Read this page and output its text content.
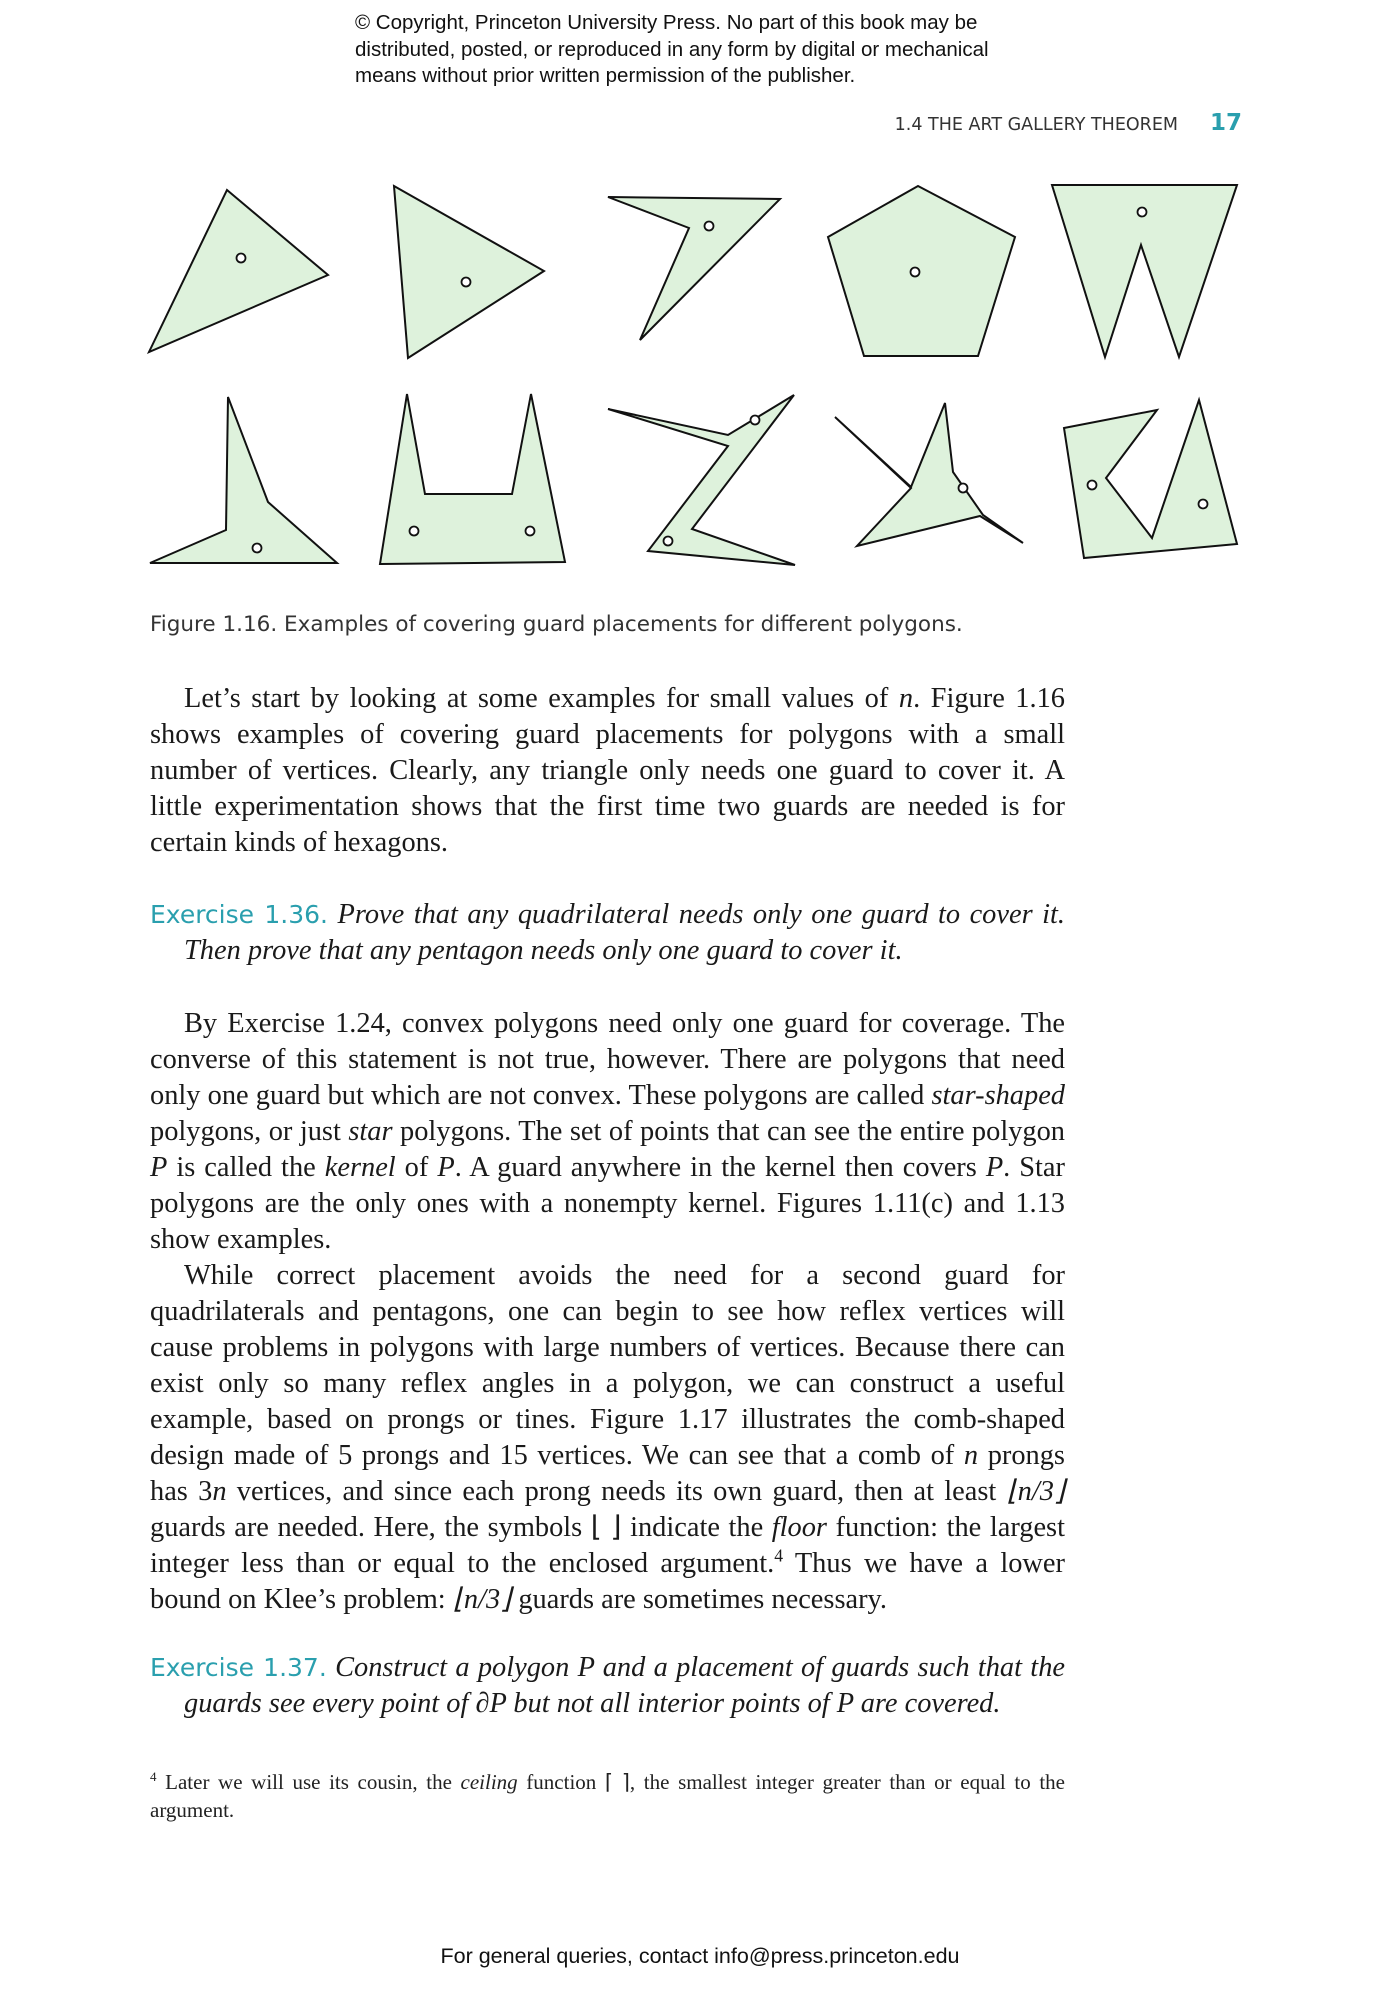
© Copyright, Princeton University Press. No part of this book may be
distributed, posted, or reproduced in any form by digital or mechanical
means without prior written permission of the publisher.
1.4 THE ART GALLERY THEOREM 17
Figure 1.16. Examples of covering guard placements for different polygons.

Let’s start by looking at some examples for small values of n. Figure 1.16 shows examples of covering guard placements for polygons with a small number of vertices. Clearly, any triangle only needs one guard to cover it. A little experimentation shows that the first time two guards are needed is for certain kinds of hexagons.

Exercise 1.36. Prove that any quadrilateral needs only one guard to cover it. Then prove that any pentagon needs only one guard to cover it.

By Exercise 1.24, convex polygons need only one guard for coverage. The converse of this statement is not true, however. There are polygons that need only one guard but which are not convex. These polygons are called star-shaped polygons, or just star polygons. The set of points that can see the entire polygon P is called the kernel of P. A guard anywhere in the kernel then covers P. Star polygons are the only ones with a nonempty kernel. Figures 1.11(c) and 1.13 show examples.

While correct placement avoids the need for a second guard for quadrilaterals and pentagons, one can begin to see how reflex vertices will cause problems in polygons with large numbers of vertices. Because there can exist only so many reflex angles in a polygon, we can construct a useful example, based on prongs or tines. Figure 1.17 illustrates the comb-shaped design made of 5 prongs and 15 vertices. We can see that a comb of n prongs has 3n vertices, and since each prong needs its own guard, then at least ⌊n/3⌋ guards are needed. Here, the symbols ⌊ ⌋ indicate the floor function: the largest integer less than or equal to the enclosed argument.$^4$ Thus we have a lower bound on Klee’s problem: ⌊n/3⌋ guards are sometimes necessary.

Exercise 1.37. Construct a polygon P and a placement of guards such that the guards see every point of ∂P but not all interior points of P are covered.
$^4$ Later we will use its cousin, the ceiling function ⌈ ⌉, the smallest integer greater than or equal to the argument.
For general queries, contact info@press.princeton.edu
